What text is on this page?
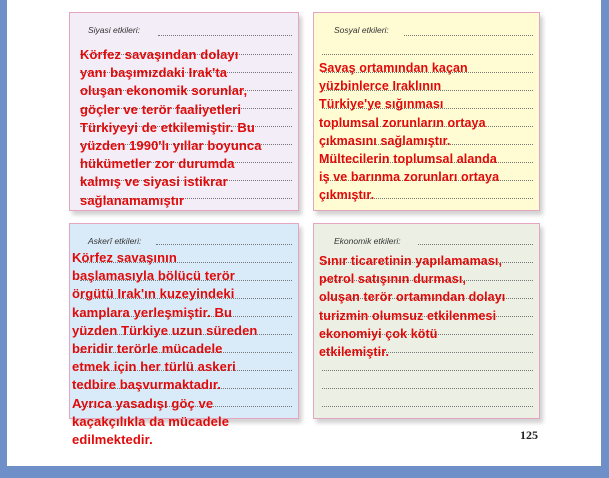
Siyasi etkileri:
Körfez savaşından dolayı
yanı başımızdaki Irak'ta
oluşan ekonomik sorunlar,
göçler ve terör faaliyetleri
Türkiyeyi de etkilemiştir. Bu
yüzden 1990'lı yıllar boyunca
hükümetler zor durumda
kalmış ve siyasi istikrar
sağlanamamıştır
Sosyal etkileri:
Savaş ortamından kaçan
yüzbinlerce Iraklının
Türkiye'ye sığınması
toplumsal zorunların ortaya
çıkmasını sağlamıştır.
Mültecilerin toplumsal alanda
iş ve barınma zorunları ortaya
çıkmıştır.
Askerî etkileri:
Körfez savaşının
başlamasıyla bölücü terör
örgütü Irak'ın kuzeyindeki
kamplara yerleşmiştir. Bu
yüzden Türkiye uzun süreden
beridir terörle mücadele
etmek için her türlü askeri
tedbire başvurmaktadır.
Ayrıca yasadışı göç ve
kaçakçılıkla da mücadele
edilmektedir.
Ekonomik etkileri:
Sınır ticaretinin yapılamaması,
petrol satışının durması,
oluşan terör ortamından dolayı
turizmin olumsuz etkilenmesi
ekonomiyi çok kötü
etkilemiştir.
125
